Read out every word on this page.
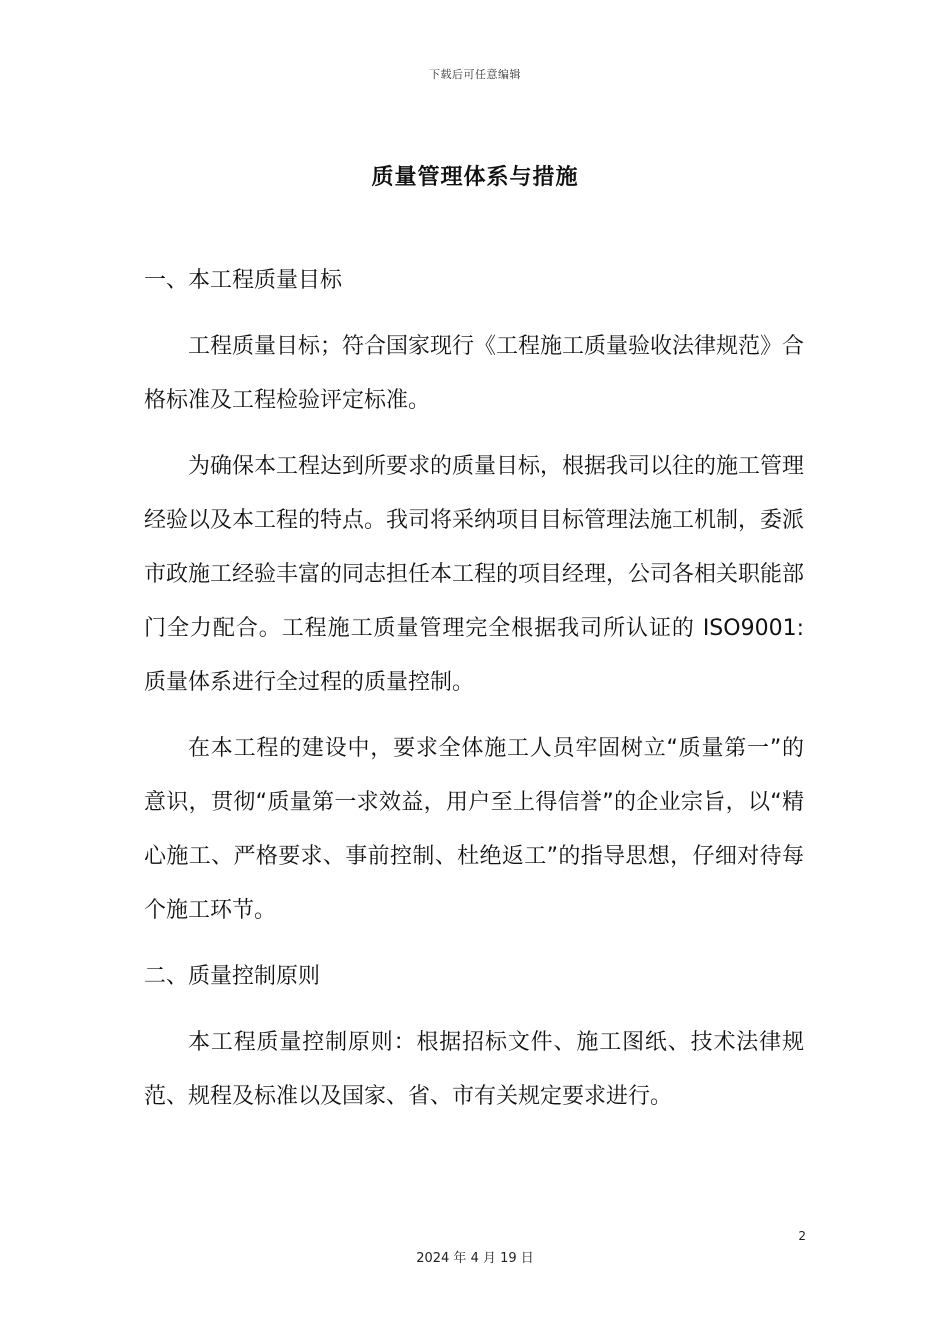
下载后可任意编辑
质量管理体系与措施

一、本工程质量目标

工程质量目标；符合国家现行《工程施工质量验收法律规范》合格标准及工程检验评定标准。

为确保本工程达到所要求的质量目标，根据我司以往的施工管理经验以及本工程的特点。我司将采纳项目目标管理法施工机制，委派市政施工经验丰富的同志担任本工程的项目经理，公司各相关职能部门全力配合。工程施工质量管理完全根据我司所认证的 ISO9001: 质量体系进行全过程的质量控制。

在本工程的建设中，要求全体施工人员牢固树立“质量第一”的意识，贯彻“质量第一求效益，用户至上得信誉”的企业宗旨，以“精心施工、严格要求、事前控制、杜绝返工”的指导思想，仔细对待每个施工环节。

二、质量控制原则

本工程质量控制原则：根据招标文件、施工图纸、技术法律规范、规程及标准以及国家、省、市有关规定要求进行。

2
2024 年 4 月 19 日
